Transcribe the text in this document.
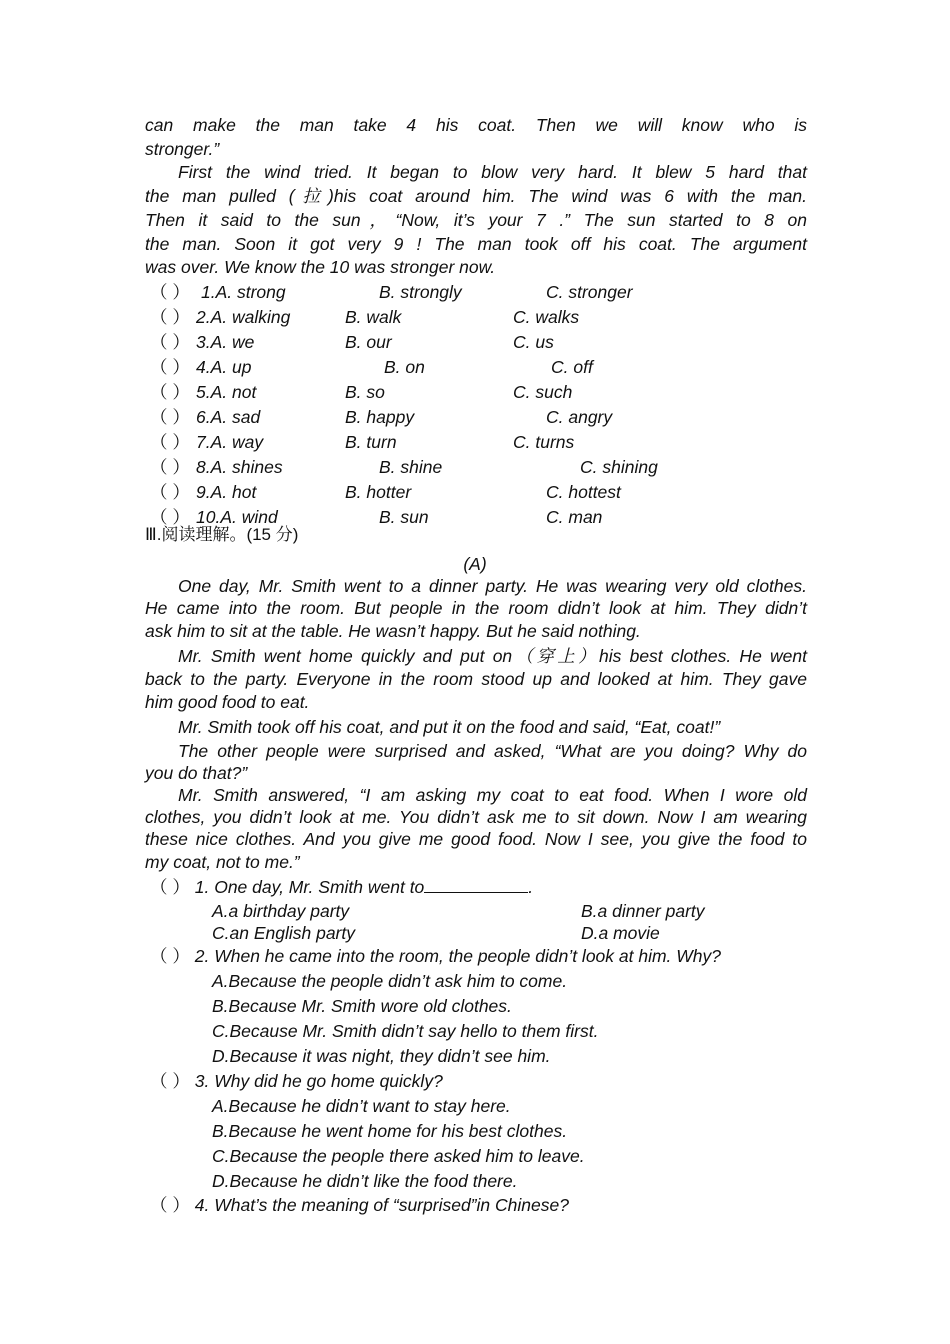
can make the man take 4 his coat. Then we will know who is
stronger.”
First the wind tried. It began to blow very hard. It blew 5 hard that
the man pulled (拉)his coat around him. The wind was 6 with the man.
Then it said to the sun，“Now, it’s your 7 .” The sun started to 8 on
the man. Soon it got very 9 ! The man took off his coat. The argument
was over. We know the 10 was stronger now.
（ ） 1.A. strong	B. strongly	C. stronger
（ ） 2.A. walking	B. walk	C. walks
（ ） 3.A. we	B. our	C. us
（ ） 4.A. up	B. on	C. off
（ ） 5.A. not	B. so	C. such
（ ） 6.A. sad	B. happy	C. angry
（ ） 7.A. way	B. turn	C. turns
（ ） 8.A. shines	B. shine	C. shining
（ ） 9.A. hot	B. hotter	C. hottest
（ ） 10.A. wind	B. sun	C. man
Ⅲ.阅读理解。(15 分)
(A)
One day, Mr. Smith went to a dinner party. He was wearing very old clothes.
He came into the room. But people in the room didn’t look at him. They didn’t
ask him to sit at the table. He wasn’t happy. But he said nothing.
Mr. Smith went home quickly and put on（穿上）his best clothes. He went
back to the party. Everyone in the room stood up and looked at him. They gave
him good food to eat.
Mr. Smith took off his coat, and put it on the food and said, “Eat, coat!”
The other people were surprised and asked, “What are you doing? Why do
you do that?”
Mr. Smith answered, “I am asking my coat to eat food. When I wore old
clothes, you didn’t look at me. You didn’t ask me to sit down. Now I am wearing
these nice clothes. And you give me good food. Now I see, you give the food to
my coat, not to me.”
（ ） 1. One day, Mr. Smith went to	.
A.a birthday party	B.a dinner party
C.an English party	D.a movie
（ ） 2. When he came into the room, the people didn’t look at him. Why?
A.Because the people didn’t ask him to come.
B.Because Mr. Smith wore old clothes.
C.Because Mr. Smith didn’t say hello to them first.
D.Because it was night, they didn’t see him.
（ ） 3. Why did he go home quickly?
A.Because he didn’t want to stay here.
B.Because he went home for his best clothes.
C.Because the people there asked him to leave.
D.Because he didn’t like the food there.
（ ） 4. What’s the meaning of “surprised”in Chinese?
